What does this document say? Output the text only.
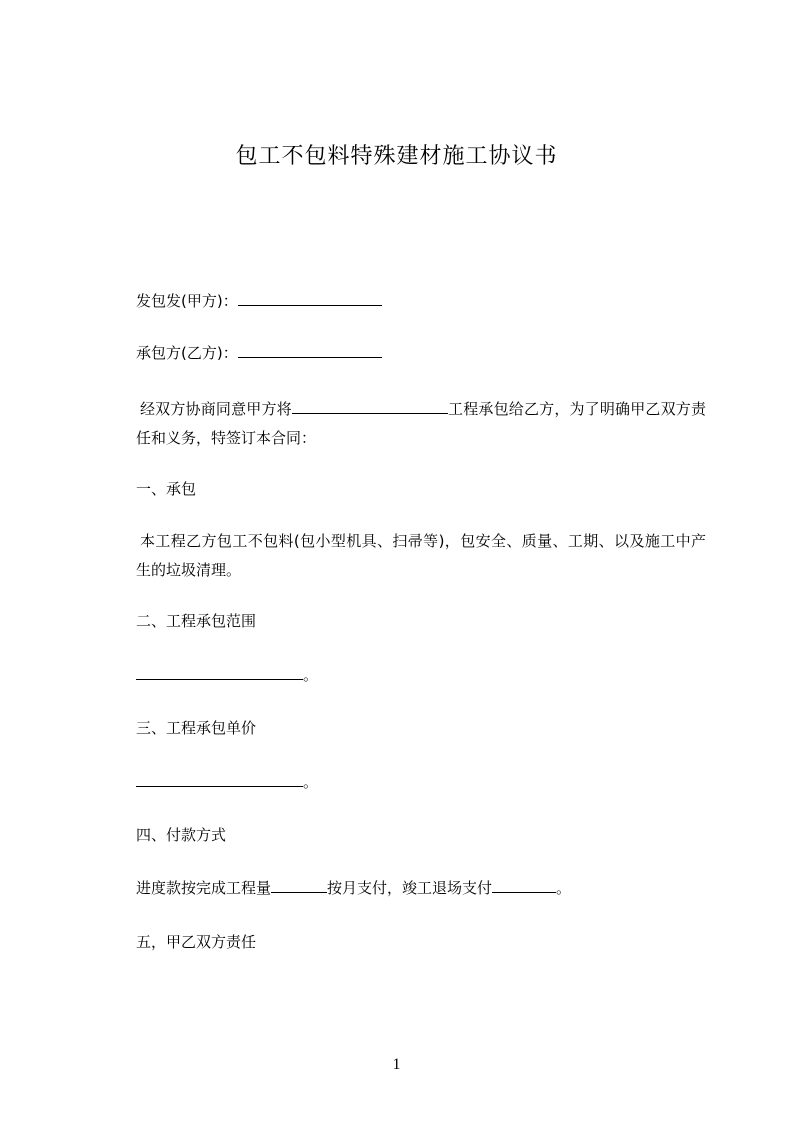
包工不包料特殊建材施工协议书
发包发(甲方)：
承包方(乙方)：
经双方协商同意甲方将	工程承包给乙方，为了明确甲乙双方责任和义务，特签订本合同：
一、承包
本工程乙方包工不包料(包小型机具、扫帚等)，包安全、质量、工期、以及施工中产生的垃圾清理。
二、工程承包范围
。
三、工程承包单价
。
四、付款方式
进度款按完成工程量	按月支付，竣工退场支付	。
五，甲乙双方责任
1
